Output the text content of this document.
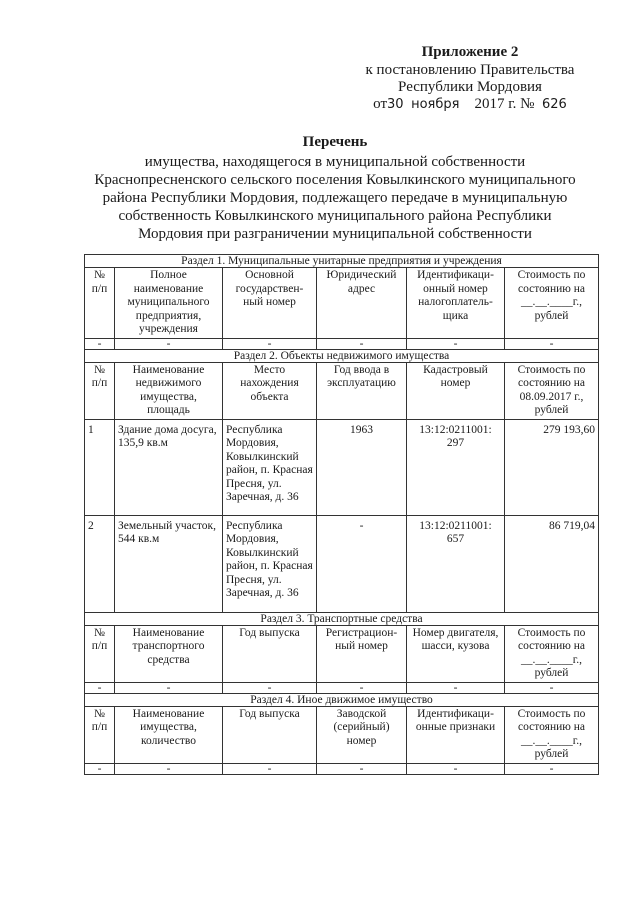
Приложение 2
к постановлению Правительства
Республики Мордовия
от30 ноября 2017 г. № 626
Перечень
имущества, находящегося в муниципальной собственности
Краснопресненского сельского поселения Ковылкинского муниципального
района Республики Мордовия, подлежащего передаче в муниципальную
собственность Ковылкинского муниципального района Республики
Мордовия при разграничении муниципальной собственности
Раздел 1. Муниципальные унитарные предприятия и учреждения					
№ п/п	Полное наименование муниципального предприятия, учреждения	Основной государствен-ный номер	Юридический адрес	Идентификаци-онный номер налогоплатель-щика	Стоимость по состоянию на __.__.____г., рублей
-	-	-	-	-	-
Раздел 2. Объекты недвижимого имущества					
№ п/п	Наименование недвижимого имущества, площадь	Место нахождения объекта	Год ввода в эксплуатацию	Кадастровый номер	Стоимость по состоянию на 08.09.2017 г., рублей
1	Здание дома досуга, 135,9 кв.м	Республика Мордовия, Ковылкинский район, п. Красная Пресня, ул. Заречная, д. 36	1963	13:12:0211001: 297	279 193,60
2	Земельный участок, 544 кв.м	Республика Мордовия, Ковылкинский район, п. Красная Пресня, ул. Заречная, д. 36	-	13:12:0211001: 657	86 719,04
Раздел 3. Транспортные средства					
№ п/п	Наименование транспортного средства	Год выпуска	Регистрацион-ный номер	Номер двигателя, шасси, кузова	Стоимость по состоянию на __.__.____г., рублей
-	-	-	-	-	-
Раздел 4. Иное движимое имущество					
№ п/п	Наименование имущества, количество	Год выпуска	Заводской (серийный) номер	Идентификаци-онные признаки	Стоимость по состоянию на __.__.____г., рублей
-	-	-	-	-	-
